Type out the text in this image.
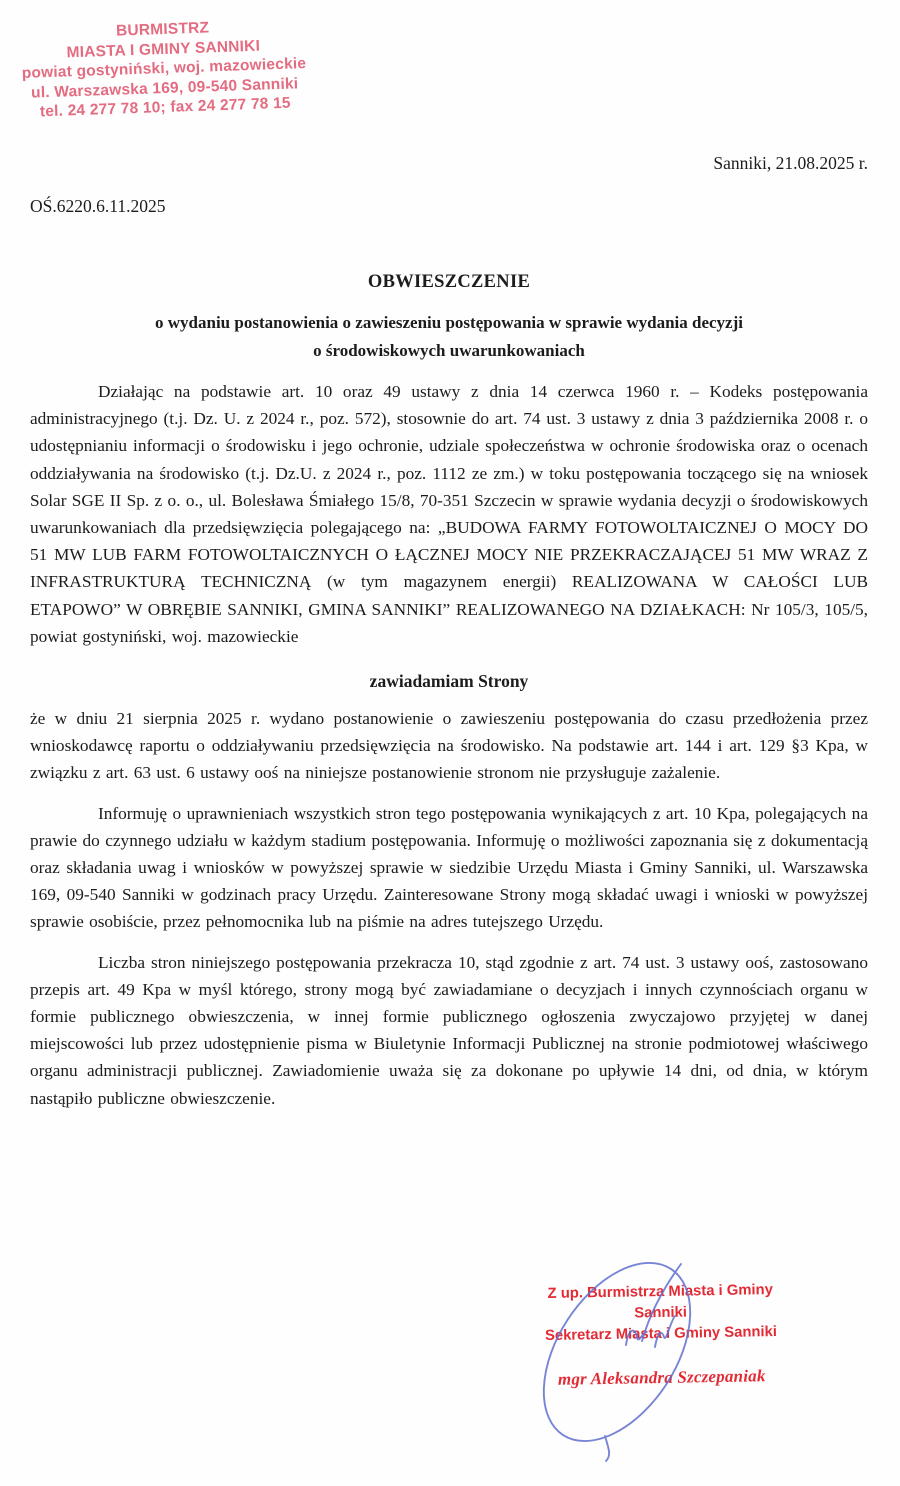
BURMISTRZ
MIASTA I GMINY SANNIKI
powiat gostyniński, woj. mazowieckie
ul. Warszawska 169, 09-540 Sanniki
tel. 24 277 78 10; fax 24 277 78 15
Sanniki, 21.08.2025 r.
OŚ.6220.6.11.2025
OBWIESZCZENIE
o wydaniu postanowienia o zawieszeniu postępowania w sprawie wydania decyzji
o środowiskowych uwarunkowaniach

Działając na podstawie art. 10 oraz 49 ustawy z dnia 14 czerwca 1960 r. – Kodeks postępowania administracyjnego (t.j. Dz. U. z 2024 r., poz. 572), stosownie do art. 74 ust. 3 ustawy z dnia 3 października 2008 r. o udostępnianiu informacji o środowisku i jego ochronie, udziale społeczeństwa w ochronie środowiska oraz o ocenach oddziaływania na środowisko (t.j. Dz.U. z 2024 r., poz. 1112 ze zm.) w toku postępowania toczącego się na wniosek Solar SGE II Sp. z o. o., ul. Bolesława Śmiałego 15/8, 70-351 Szczecin w sprawie wydania decyzji o środowiskowych uwarunkowaniach dla przedsięwzięcia polegającego na: „BUDOWA FARMY FOTOWOLTAICZNEJ O MOCY DO 51 MW LUB FARM FOTOWOLTAICZNYCH O ŁĄCZNEJ MOCY NIE PRZEKRACZAJĄCEJ 51 MW WRAZ Z INFRASTRUKTURĄ TECHNICZNĄ (w tym magazynem energii) REALIZOWANA W CAŁOŚCI LUB ETAPOWO” W OBRĘBIE SANNIKI, GMINA SANNIKI” REALIZOWANEGO NA DZIAŁKACH: Nr 105/3, 105/5, powiat gostyniński, woj. mazowieckie

zawiadamiam Strony

że w dniu 21 sierpnia 2025 r. wydano postanowienie o zawieszeniu postępowania do czasu przedłożenia przez wnioskodawcę raportu o oddziaływaniu przedsięwzięcia na środowisko. Na podstawie art. 144 i art. 129 §3 Kpa, w związku z art. 63 ust. 6 ustawy ooś na niniejsze postanowienie stronom nie przysługuje zażalenie.

Informuję o uprawnieniach wszystkich stron tego postępowania wynikających z art. 10 Kpa, polegających na prawie do czynnego udziału w każdym stadium postępowania. Informuję o możliwości zapoznania się z dokumentacją oraz składania uwag i wniosków w powyższej sprawie w siedzibie Urzędu Miasta i Gminy Sanniki, ul. Warszawska 169, 09-540 Sanniki w godzinach pracy Urzędu. Zainteresowane Strony mogą składać uwagi i wnioski w powyższej sprawie osobiście, przez pełnomocnika lub na piśmie na adres tutejszego Urzędu.

Liczba stron niniejszego postępowania przekracza 10, stąd zgodnie z art. 74 ust. 3 ustawy ooś, zastosowano przepis art. 49 Kpa w myśl którego, strony mogą być zawiadamiane o decyzjach i innych czynnościach organu w formie publicznego obwieszczenia, w innej formie publicznego ogłoszenia zwyczajowo przyjętej w danej miejscowości lub przez udostępnienie pisma w Biuletynie Informacji Publicznej na stronie podmiotowej właściwego organu administracji publicznej. Zawiadomienie uważa się za dokonane po upływie 14 dni, od dnia, w którym nastąpiło publiczne obwieszczenie.

Z up. Burmistrza Miasta i Gminy Sanniki
Sekretarz Miasta i Gminy Sanniki
mgr Aleksandra Szczepaniak
